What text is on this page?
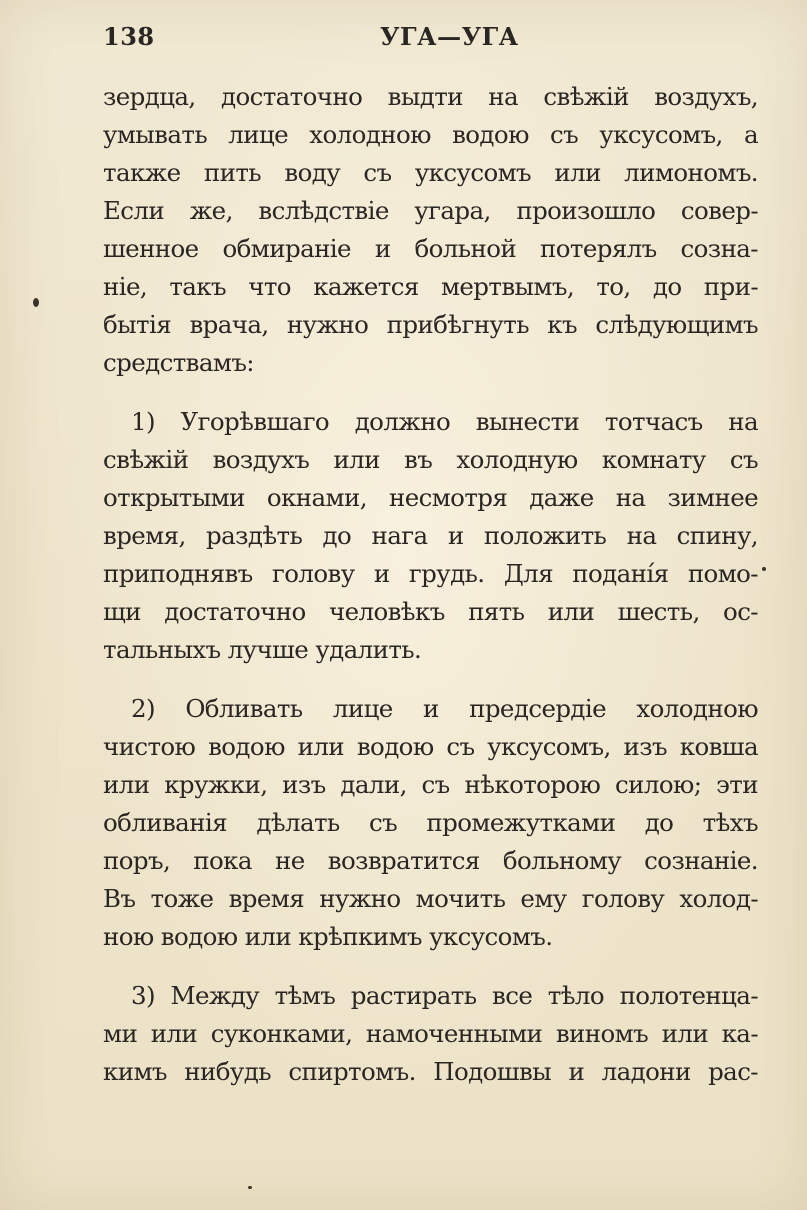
138	УГА—УГА
зердца, достаточно выдти на свѣжій воздухъ,
умывать лице холодною водою съ уксусомъ, а
также пить воду съ уксусомъ или лимономъ.
Если же, вслѣдствіе угара, произошло совер-
шенное обмираніе и больной потерялъ созна-
ніе, такъ что кажется мертвымъ, то, до при-
бытія врача, нужно прибѣгнуть къ слѣдующимъ
средствамъ:
1) Угорѣвшаго должно вынести тотчасъ на
свѣжій воздухъ или въ холодную комнату съ
открытыми окнами, несмотря даже на зимнее
время, раздѣть до нага и положить на спину,
приподнявъ голову и грудь. Для подані́я помо-
щи достаточно человѣкъ пять или шесть, ос-
тальныхъ лучше удалить.
2) Обливать лице и предсердіе холодною
чистою водою или водою съ уксусомъ, изъ ковша
или кружки, изъ дали, съ нѣкоторою силою; эти
обливанія дѣлать съ промежутками до тѣхъ
поръ, пока не возвратится больному сознаніе.
Въ тоже время нужно мочить ему голову холод-
ною водою или крѣпкимъ уксусомъ.
3) Между тѣмъ растирать все тѣло полотенца-
ми или суконками, намоченными виномъ или ка-
кимъ нибудь спиртомъ. Подошвы и ладони рас-
